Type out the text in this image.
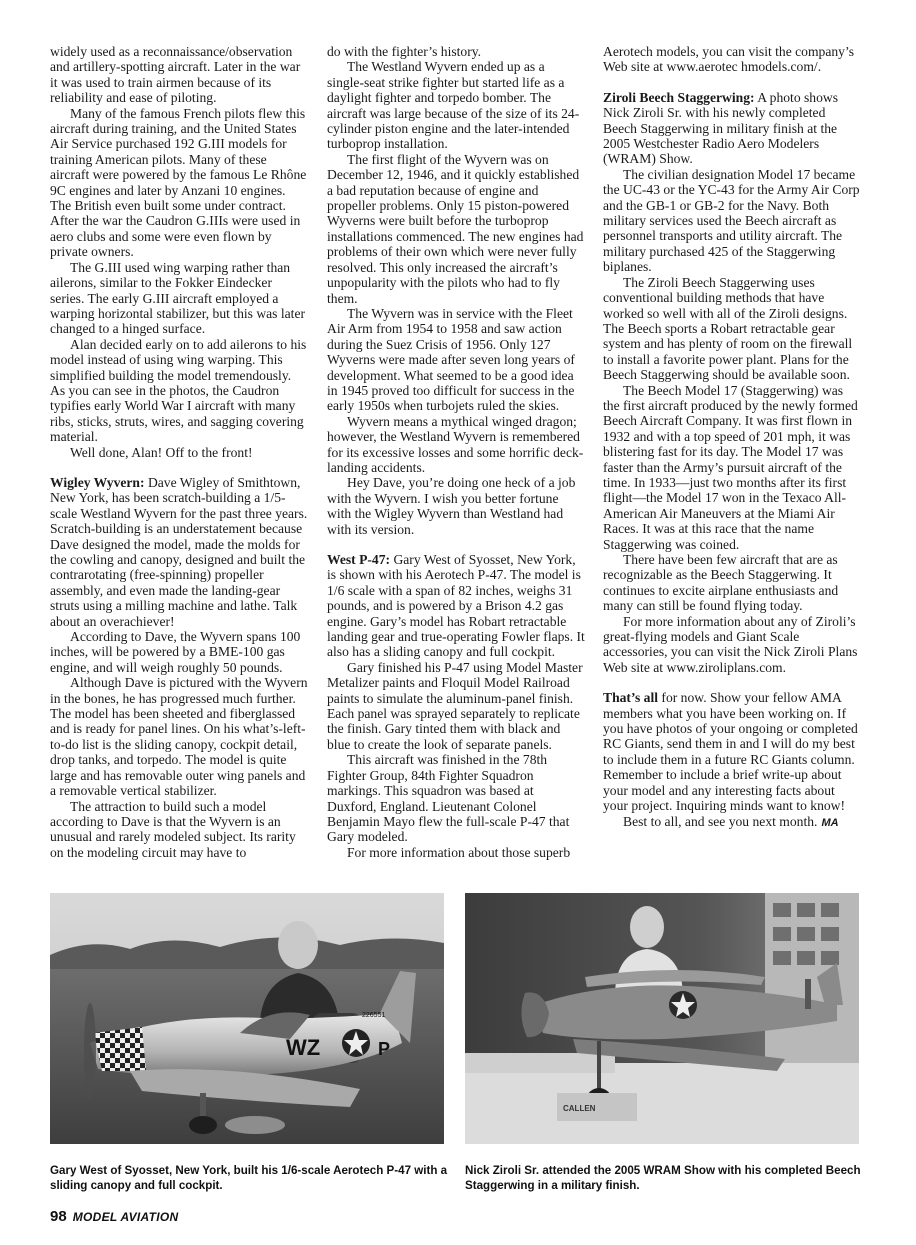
widely used as a reconnaissance/observation and artillery-spotting aircraft. Later in the war it was used to train airmen because of its reliability and ease of piloting.

Many of the famous French pilots flew this aircraft during training, and the United States Air Service purchased 192 G.III models for training American pilots. Many of these aircraft were powered by the famous Le Rhône 9C engines and later by Anzani 10 engines. The British even built some under contract. After the war the Caudron G.IIIs were used in aero clubs and some were even flown by private owners.

The G.III used wing warping rather than ailerons, similar to the Fokker Eindecker series. The early G.III aircraft employed a warping horizontal stabilizer, but this was later changed to a hinged surface.

Alan decided early on to add ailerons to his model instead of using wing warping. This simplified building the model tremendously. As you can see in the photos, the Caudron typifies early World War I aircraft with many ribs, sticks, struts, wires, and sagging covering material.

Well done, Alan! Off to the front!

Wigley Wyvern: Dave Wigley of Smithtown, New York, has been scratch-building a 1/5-scale Westland Wyvern for the past three years. Scratch-building is an understatement because Dave designed the model, made the molds for the cowling and canopy, designed and built the contrarotating (free-spinning) propeller assembly, and even made the landing-gear struts using a milling machine and lathe. Talk about an overachiever!

According to Dave, the Wyvern spans 100 inches, will be powered by a BME-100 gas engine, and will weigh roughly 50 pounds.

Although Dave is pictured with the Wyvern in the bones, he has progressed much further. The model has been sheeted and fiberglassed and is ready for panel lines. On his what’s-left-to-do list is the sliding canopy, cockpit detail, drop tanks, and torpedo. The model is quite large and has removable outer wing panels and a removable vertical stabilizer.

The attraction to build such a model according to Dave is that the Wyvern is an unusual and rarely modeled subject. Its rarity on the modeling circuit may have to

do with the fighter’s history.

The Westland Wyvern ended up as a single-seat strike fighter but started life as a daylight fighter and torpedo bomber. The aircraft was large because of the size of its 24-cylinder piston engine and the later-intended turboprop installation.

The first flight of the Wyvern was on December 12, 1946, and it quickly established a bad reputation because of engine and propeller problems. Only 15 piston-powered Wyverns were built before the turboprop installations commenced. The new engines had problems of their own which were never fully resolved. This only increased the aircraft’s unpopularity with the pilots who had to fly them.

The Wyvern was in service with the Fleet Air Arm from 1954 to 1958 and saw action during the Suez Crisis of 1956. Only 127 Wyverns were made after seven long years of development. What seemed to be a good idea in 1945 proved too difficult for success in the early 1950s when turbojets ruled the skies.

Wyvern means a mythical winged dragon; however, the Westland Wyvern is remembered for its excessive losses and some horrific deck-landing accidents.

Hey Dave, you’re doing one heck of a job with the Wyvern. I wish you better fortune with the Wigley Wyvern than Westland had with its version.

West P-47: Gary West of Syosset, New York, is shown with his Aerotech P-47. The model is 1/6 scale with a span of 82 inches, weighs 31 pounds, and is powered by a Brison 4.2 gas engine. Gary’s model has Robart retractable landing gear and true-operating Fowler flaps. It also has a sliding canopy and full cockpit.

Gary finished his P-47 using Model Master Metalizer paints and Floquil Model Railroad paints to simulate the aluminum-panel finish. Each panel was sprayed separately to replicate the finish. Gary tinted them with black and blue to create the look of separate panels.

This aircraft was finished in the 78th Fighter Group, 84th Fighter Squadron markings. This squadron was based at Duxford, England. Lieutenant Colonel Benjamin Mayo flew the full-scale P-47 that Gary modeled.

For more information about those superb

Aerotech models, you can visit the company’s Web site at www.aerotec hmodels.com/.

Ziroli Beech Staggerwing: A photo shows Nick Ziroli Sr. with his newly completed Beech Staggerwing in military finish at the 2005 Westchester Radio Aero Modelers (WRAM) Show.

The civilian designation Model 17 became the UC-43 or the YC-43 for the Army Air Corp and the GB-1 or GB-2 for the Navy. Both military services used the Beech aircraft as personnel transports and utility aircraft. The military purchased 425 of the Staggerwing biplanes.

The Ziroli Beech Staggerwing uses conventional building methods that have worked so well with all of the Ziroli designs. The Beech sports a Robart retractable gear system and has plenty of room on the firewall to install a favorite power plant. Plans for the Beech Staggerwing should be available soon.

The Beech Model 17 (Staggerwing) was the first aircraft produced by the newly formed Beech Aircraft Company. It was first flown in 1932 and with a top speed of 201 mph, it was blistering fast for its day. The Model 17 was faster than the Army’s pursuit aircraft of the time. In 1933—just two months after its first flight—the Model 17 won in the Texaco All-American Air Maneuvers at the Miami Air Races. It was at this race that the name Staggerwing was coined.

There have been few aircraft that are as recognizable as the Beech Staggerwing. It continues to excite airplane enthusiasts and many can still be found flying today.

For more information about any of Ziroli’s great-flying models and Giant Scale accessories, you can visit the Nick Ziroli Plans Web site at www.ziroliplans.com.

That’s all for now. Show your fellow AMA members what you have been working on. If you have photos of your ongoing or completed RC Giants, send them in and I will do my best to include them in a future RC Giants column. Remember to include a brief write-up about your model and any interesting facts about your project. Inquiring minds want to know!

Best to all, and see you next month. MA

WZ	P
226551
CALLEN
Gary West of Syosset, New York, built his 1/6-scale Aerotech P-47 with a sliding canopy and full cockpit.
Nick Ziroli Sr. attended the 2005 WRAM Show with his completed Beech Staggerwing in a military finish.
98 MODEL AVIATION
